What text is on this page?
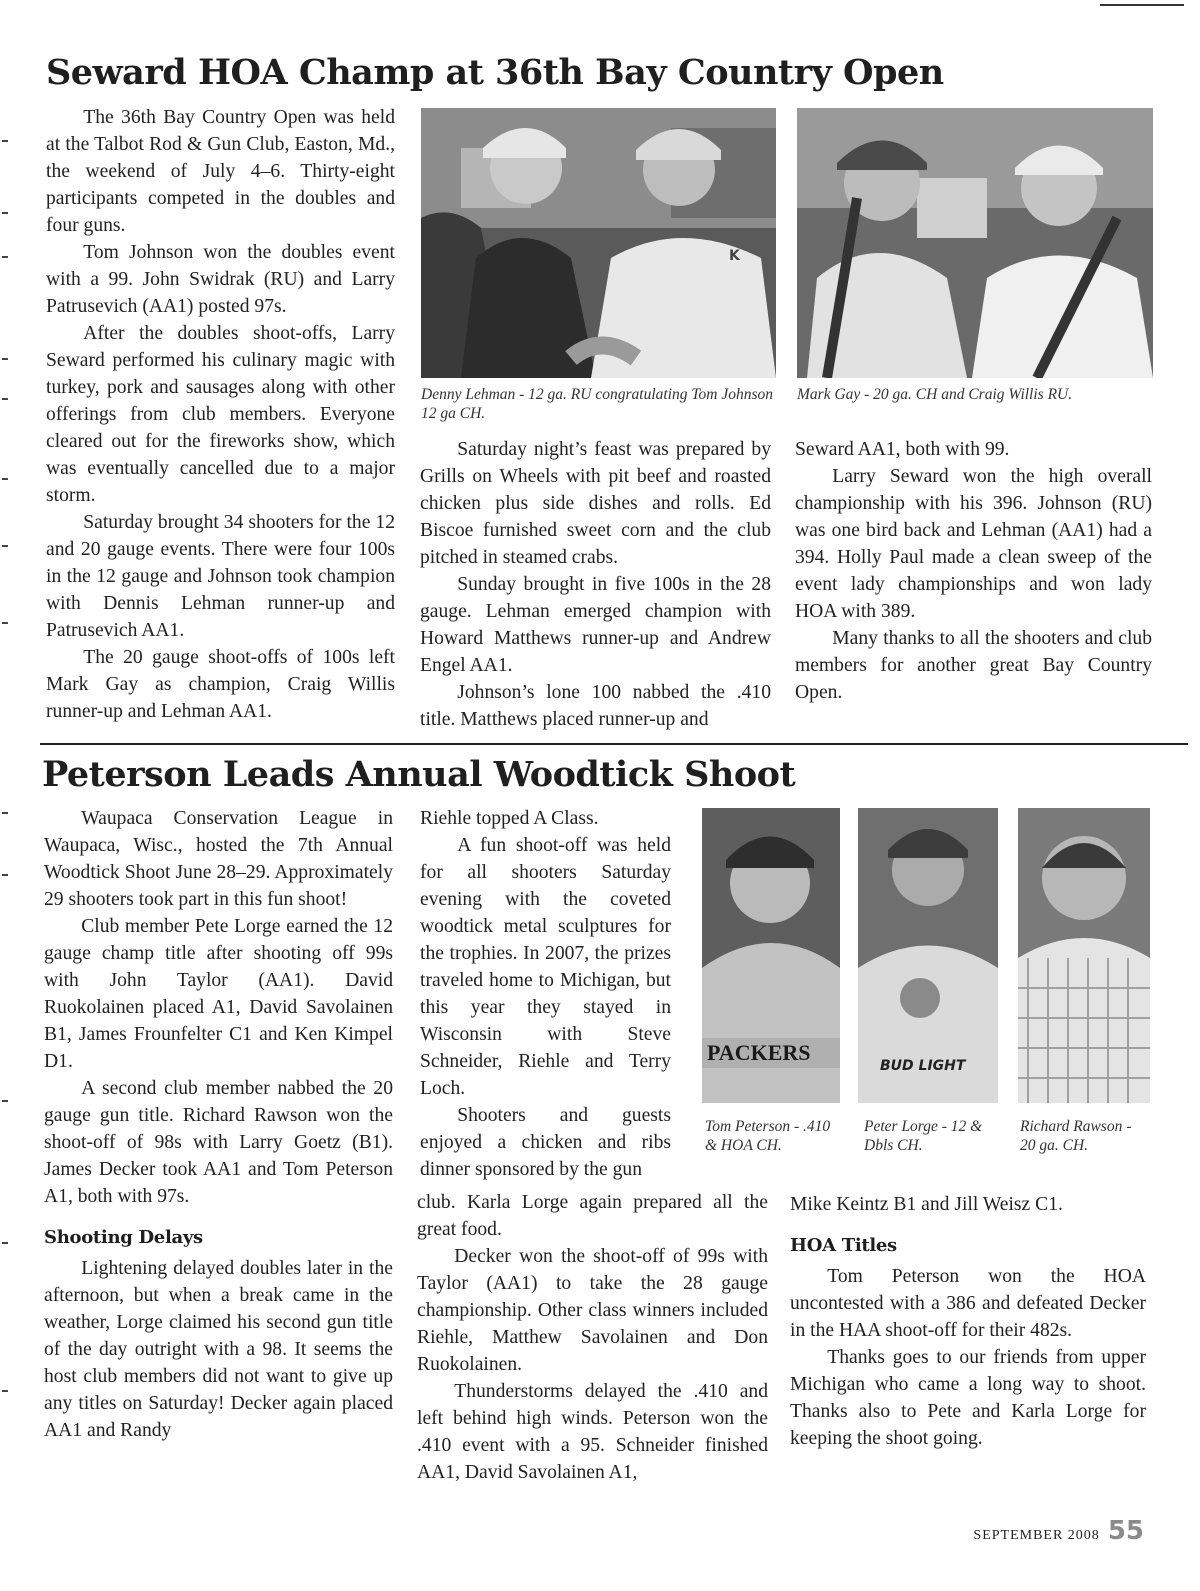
Seward HOA Champ at 36th Bay Country Open

The 36th Bay Country Open was held at the Talbot Rod & Gun Club, Easton, Md., the weekend of July 4–6. Thirty-eight participants competed in the doubles and four guns.

Tom Johnson won the doubles event with a 99. John Swidrak (RU) and Larry Patrusevich (AA1) posted 97s.

After the doubles shoot-offs, Larry Seward performed his culinary magic with turkey, pork and sausages along with other offerings from club members. Everyone cleared out for the fireworks show, which was eventually cancelled due to a major storm.

Saturday brought 34 shooters for the 12 and 20 gauge events. There were four 100s in the 12 gauge and Johnson took champion with Dennis Lehman runner-up and Patrusevich AA1.

The 20 gauge shoot-offs of 100s left Mark Gay as champion, Craig Willis runner-up and Lehman AA1.

K
Denny Lehman - 12 ga. RU congratulating Tom Johnson 12 ga CH.

Saturday night’s feast was prepared by Grills on Wheels with pit beef and roasted chicken plus side dishes and rolls. Ed Biscoe furnished sweet corn and the club pitched in steamed crabs.

Sunday brought in five 100s in the 28 gauge. Lehman emerged champion with Howard Matthews runner-up and Andrew Engel AA1.

Johnson’s lone 100 nabbed the .410 title. Matthews placed runner-up and

Mark Gay - 20 ga. CH and Craig Willis RU.

Seward AA1, both with 99.

Larry Seward won the high overall championship with his 396. Johnson (RU) was one bird back and Lehman (AA1) had a 394. Holly Paul made a clean sweep of the event lady championships and won lady HOA with 389.

Many thanks to all the shooters and club members for another great Bay Country Open.

Peterson Leads Annual Woodtick Shoot

Waupaca Conservation League in Waupaca, Wisc., hosted the 7th Annual Woodtick Shoot June 28–29. Approximately 29 shooters took part in this fun shoot!

Club member Pete Lorge earned the 12 gauge champ title after shooting off 99s with John Taylor (AA1). David Ruokolainen placed A1, David Savolainen B1, James Frounfelter C1 and Ken Kimpel D1.

A second club member nabbed the 20 gauge gun title. Richard Rawson won the shoot-off of 98s with Larry Goetz (B1). James Decker took AA1 and Tom Peterson A1, both with 97s.

Shooting Delays

Lightening delayed doubles later in the afternoon, but when a break came in the weather, Lorge claimed his second gun title of the day outright with a 98. It seems the host club members did not want to give up any titles on Saturday! Decker again placed AA1 and Randy

Riehle topped A Class.

A fun shoot-off was held for all shooters Saturday evening with the coveted woodtick metal sculptures for the trophies. In 2007, the prizes traveled home to Michigan, but this year they stayed in Wisconsin with Steve Schneider, Riehle and Terry Loch.

Shooters and guests enjoyed a chicken and ribs dinner sponsored by the gun

club. Karla Lorge again prepared all the great food.

Decker won the shoot-off of 99s with Taylor (AA1) to take the 28 gauge championship. Other class winners included Riehle, Matthew Savolainen and Don Ruokolainen.

Thunderstorms delayed the .410 and left behind high winds. Peterson won the .410 event with a 95. Schneider finished AA1, David Savolainen A1,

PACKERS
BUD LIGHT
Tom Peterson - .410 & HOA CH.
Peter Lorge - 12 & Dbls CH.
Richard Rawson - 20 ga. CH.

Mike Keintz B1 and Jill Weisz C1.

HOA Titles

Tom Peterson won the HOA uncontested with a 386 and defeated Decker in the HAA shoot-off for their 482s.

Thanks goes to our friends from upper Michigan who came a long way to shoot. Thanks also to Pete and Karla Lorge for keeping the shoot going.

SEPTEMBER 2008 55
